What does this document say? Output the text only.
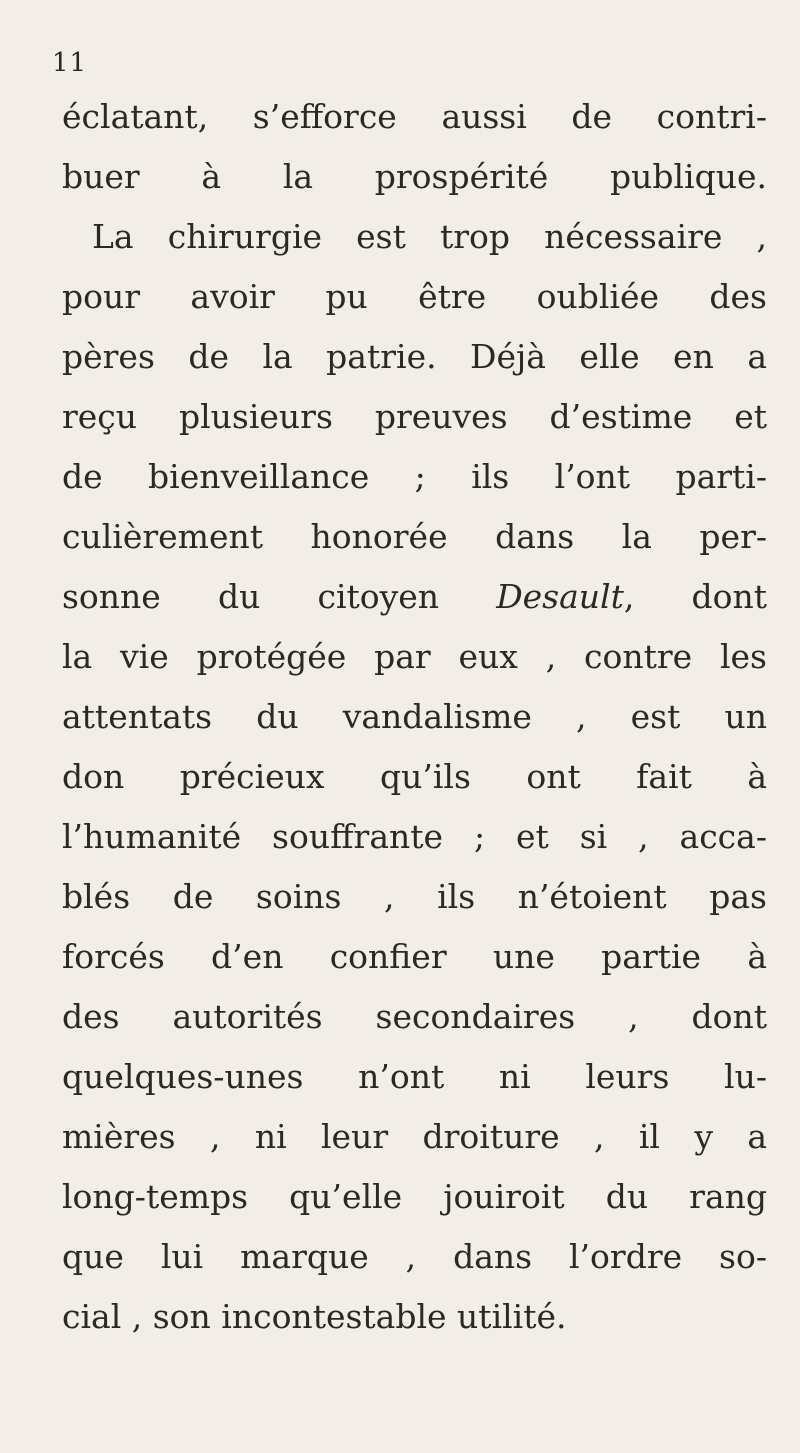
11
éclatant, s’efforce aussi de contri-
buer à la prospérité publique.
La chirurgie est trop nécessaire ,
pour avoir pu être oubliée des
pères de la patrie. Déjà elle en a
reçu plusieurs preuves d’estime et
de bienveillance ; ils l’ont parti-
culièrement honorée dans la per-
sonne du citoyen Desault, dont
la vie protégée par eux , contre les
attentats du vandalisme , est un
don précieux qu’ils ont fait à
l’humanité souffrante ; et si , acca-
blés de soins , ils n’étoient pas
forcés d’en confier une partie à
des autorités secondaires , dont
quelques-unes n’ont ni leurs lu-
mières , ni leur droiture , il y a
long-temps qu’elle jouiroit du rang
que lui marque , dans l’ordre so-
cial , son incontestable utilité.
